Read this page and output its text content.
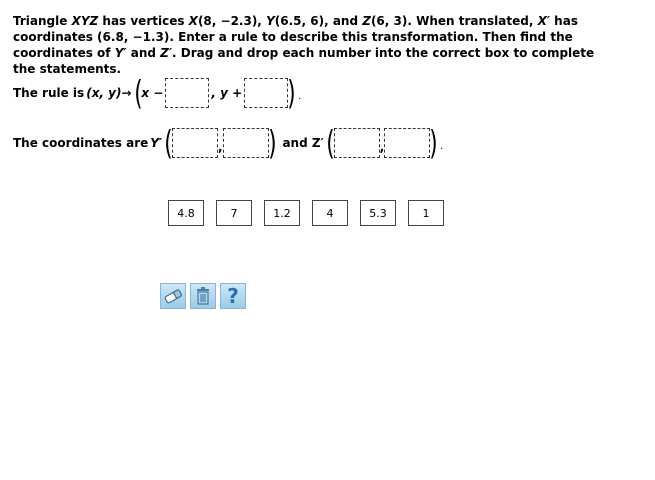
Triangle XYZ has vertices X(8, −2.3), Y(6.5, 6), and Z(6, 3). When translated, X′ has coordinates (6.8, −1.3). Enter a rule to describe this transformation. Then find the coordinates of Y′ and Z′. Drag and drop each number into the correct box to complete the statements.
The rule is (x, y) → ( x −	, y + ) .
The coordinates are Y′ (	, ) and Z′ (	, ) .
4.8	7	1.2	4	5.3	1
?
